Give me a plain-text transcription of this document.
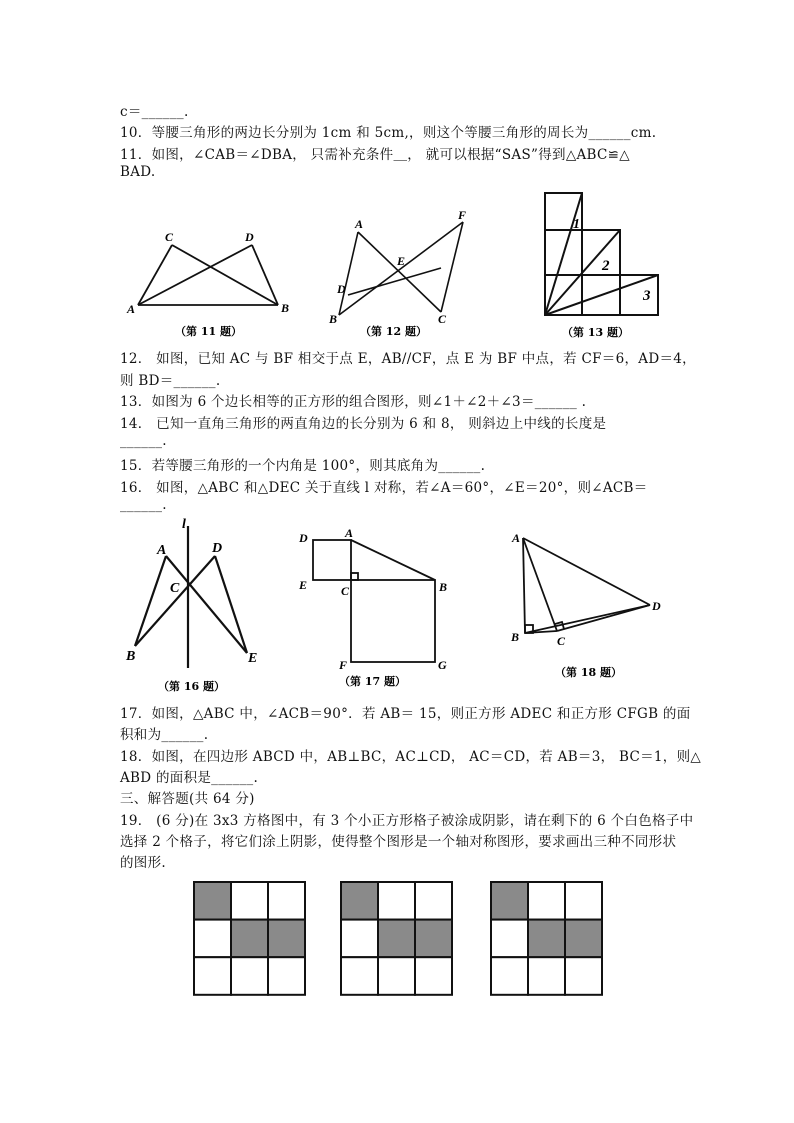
c＝______.
10．等腰三角形的两边长分别为 1cm 和 5cm,，则这个等腰三角形的周长为______cm.
11．如图，∠CAB＝∠DBA， 只需补充条件＿， 就可以根据“SAS”得到△ABC≌△
BAD.
A
C	D
B
（第 11 题）
A
F
E
D
B	C
（第 12 题）
1
2
3
（第 13 题）
12． 如图，已知 AC 与 BF 相交于点 E，AB//CF，点 E 为 BF 中点，若 CF＝6，AD＝4，
则 BD＝______.
13．如图为 6 个边长相等的正方形的组合图形，则∠1＋∠2＋∠3＝______ .
14． 已知一直角三角形的两直角边的长分别为 6 和 8， 则斜边上中线的长度是
______.
15．若等腰三角形的一个内角是 100°，则其底角为______.
16． 如图，△ABC 和△DEC 关于直线 l 对称，若∠A＝60°，∠E＝20°，则∠ACB＝
______.
l
A	D
C
B	E
（第 16 题）
D	A
E	C	B
F	G
（第 17 题）
A
D
B	C
（第 18 题）
17．如图，△ABC 中，∠ACB＝90°．若 AB＝ 15，则正方形 ADEC 和正方形 CFGB 的面
积和为______.
18．如图，在四边形 ABCD 中，AB⊥BC，AC⊥CD， AC＝CD，若 AB＝3， BC＝1，则△
ABD 的面积是______.
三、解答题(共 64 分)
19． (6 分)在 3x3 方格图中，有 3 个小正方形格子被涂成阴影，请在剩下的 6 个白色格子中
选择 2 个格子，将它们涂上阴影，使得整个图形是一个轴对称图形，要求画出三种不同形状
的图形.
